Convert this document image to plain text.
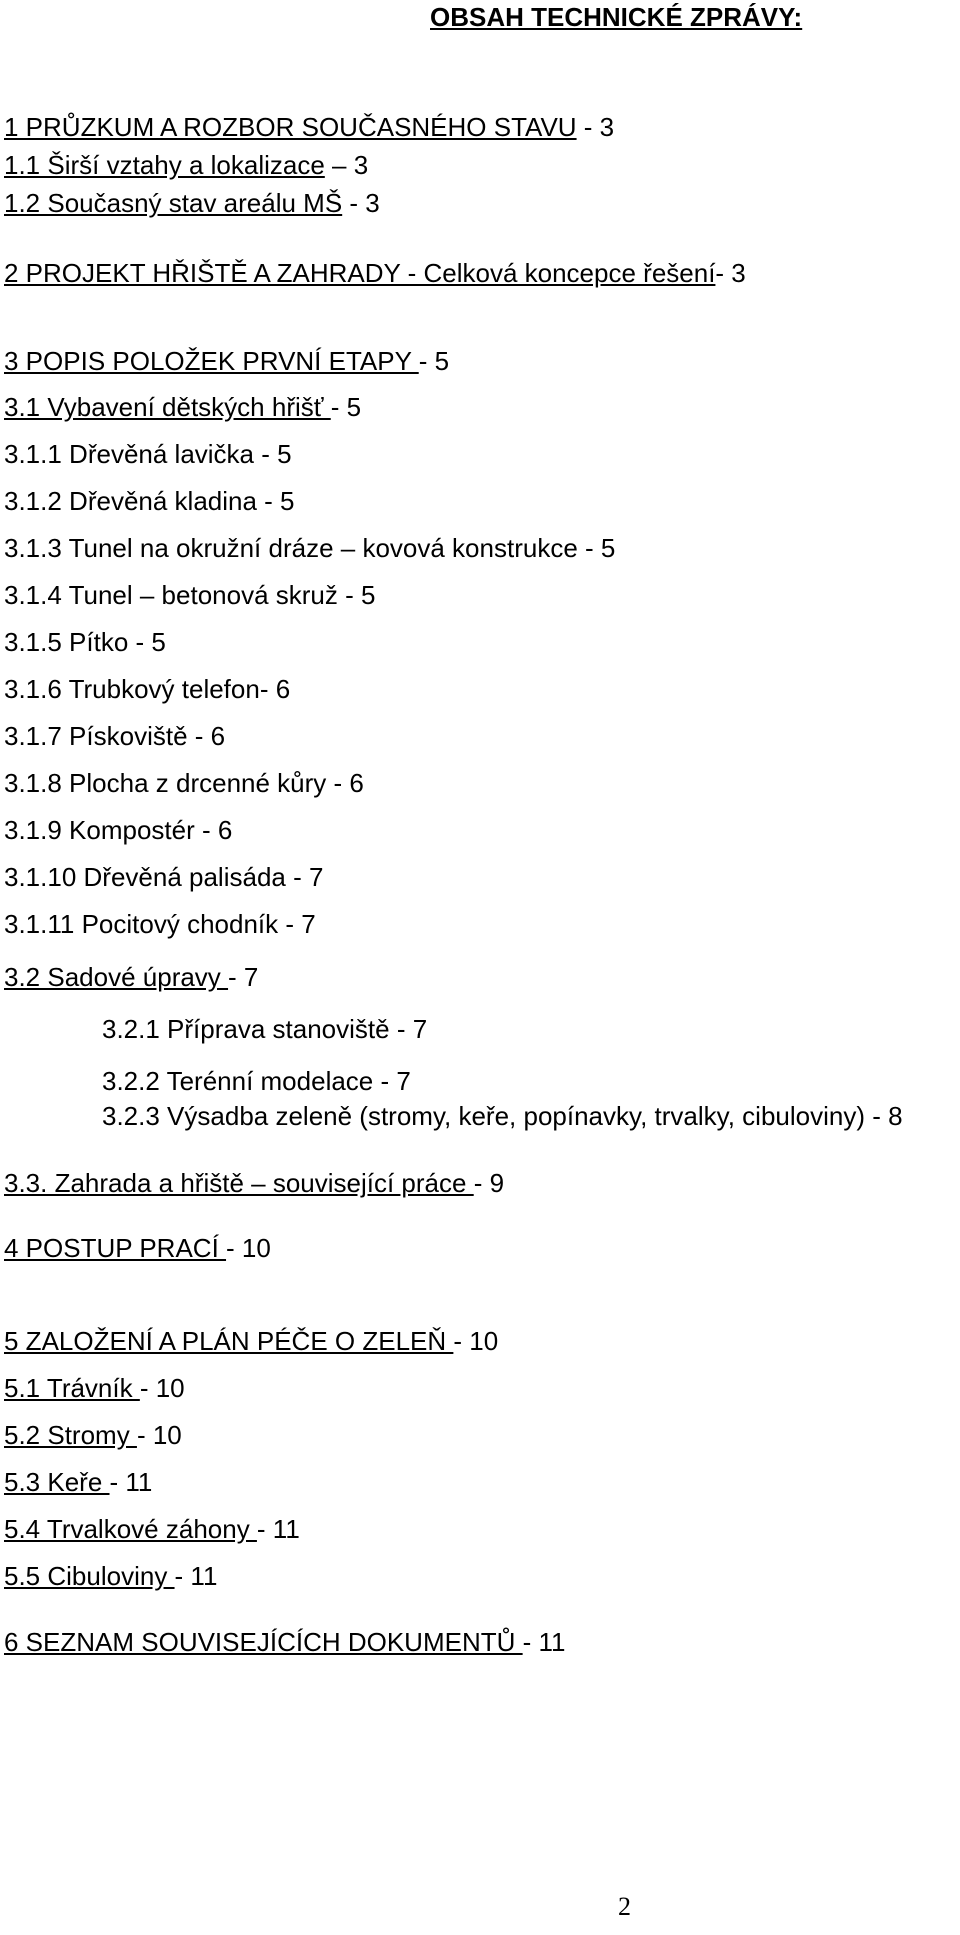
OBSAH TECHNICKÉ ZPRÁVY:
1 PRŮZKUM A ROZBOR SOUČASNÉHO STAVU - 3
1.1 Širší vztahy a lokalizace – 3
1.2 Současný stav areálu MŠ - 3
2 PROJEKT HŘIŠTĚ A ZAHRADY - Celková koncepce řešení- 3
3 POPIS POLOŽEK PRVNÍ ETAPY - 5
3.1 Vybavení dětských hřišť - 5
3.1.1 Dřevěná lavička - 5
3.1.2 Dřevěná kladina - 5
3.1.3 Tunel na okružní dráze – kovová konstrukce - 5
3.1.4 Tunel – betonová skruž - 5
3.1.5 Pítko - 5
3.1.6 Trubkový telefon- 6
3.1.7 Pískoviště - 6
3.1.8 Plocha z drcenné kůry - 6
3.1.9 Kompostér - 6
3.1.10 Dřevěná palisáda - 7
3.1.11 Pocitový chodník - 7
3.2 Sadové úpravy - 7
3.2.1 Příprava stanoviště - 7
3.2.2 Terénní modelace - 7
3.2.3 Výsadba zeleně (stromy, keře, popínavky, trvalky, cibuloviny) - 8
3.3. Zahrada a hřiště – související práce - 9
4 POSTUP PRACÍ - 10
5 ZALOŽENÍ A PLÁN PÉČE O ZELEŇ - 10
5.1 Trávník - 10
5.2 Stromy - 10
5.3 Keře - 11
5.4 Trvalkové záhony - 11
5.5 Cibuloviny - 11
6 SEZNAM SOUVISEJÍCÍCH DOKUMENTŮ - 11
2
